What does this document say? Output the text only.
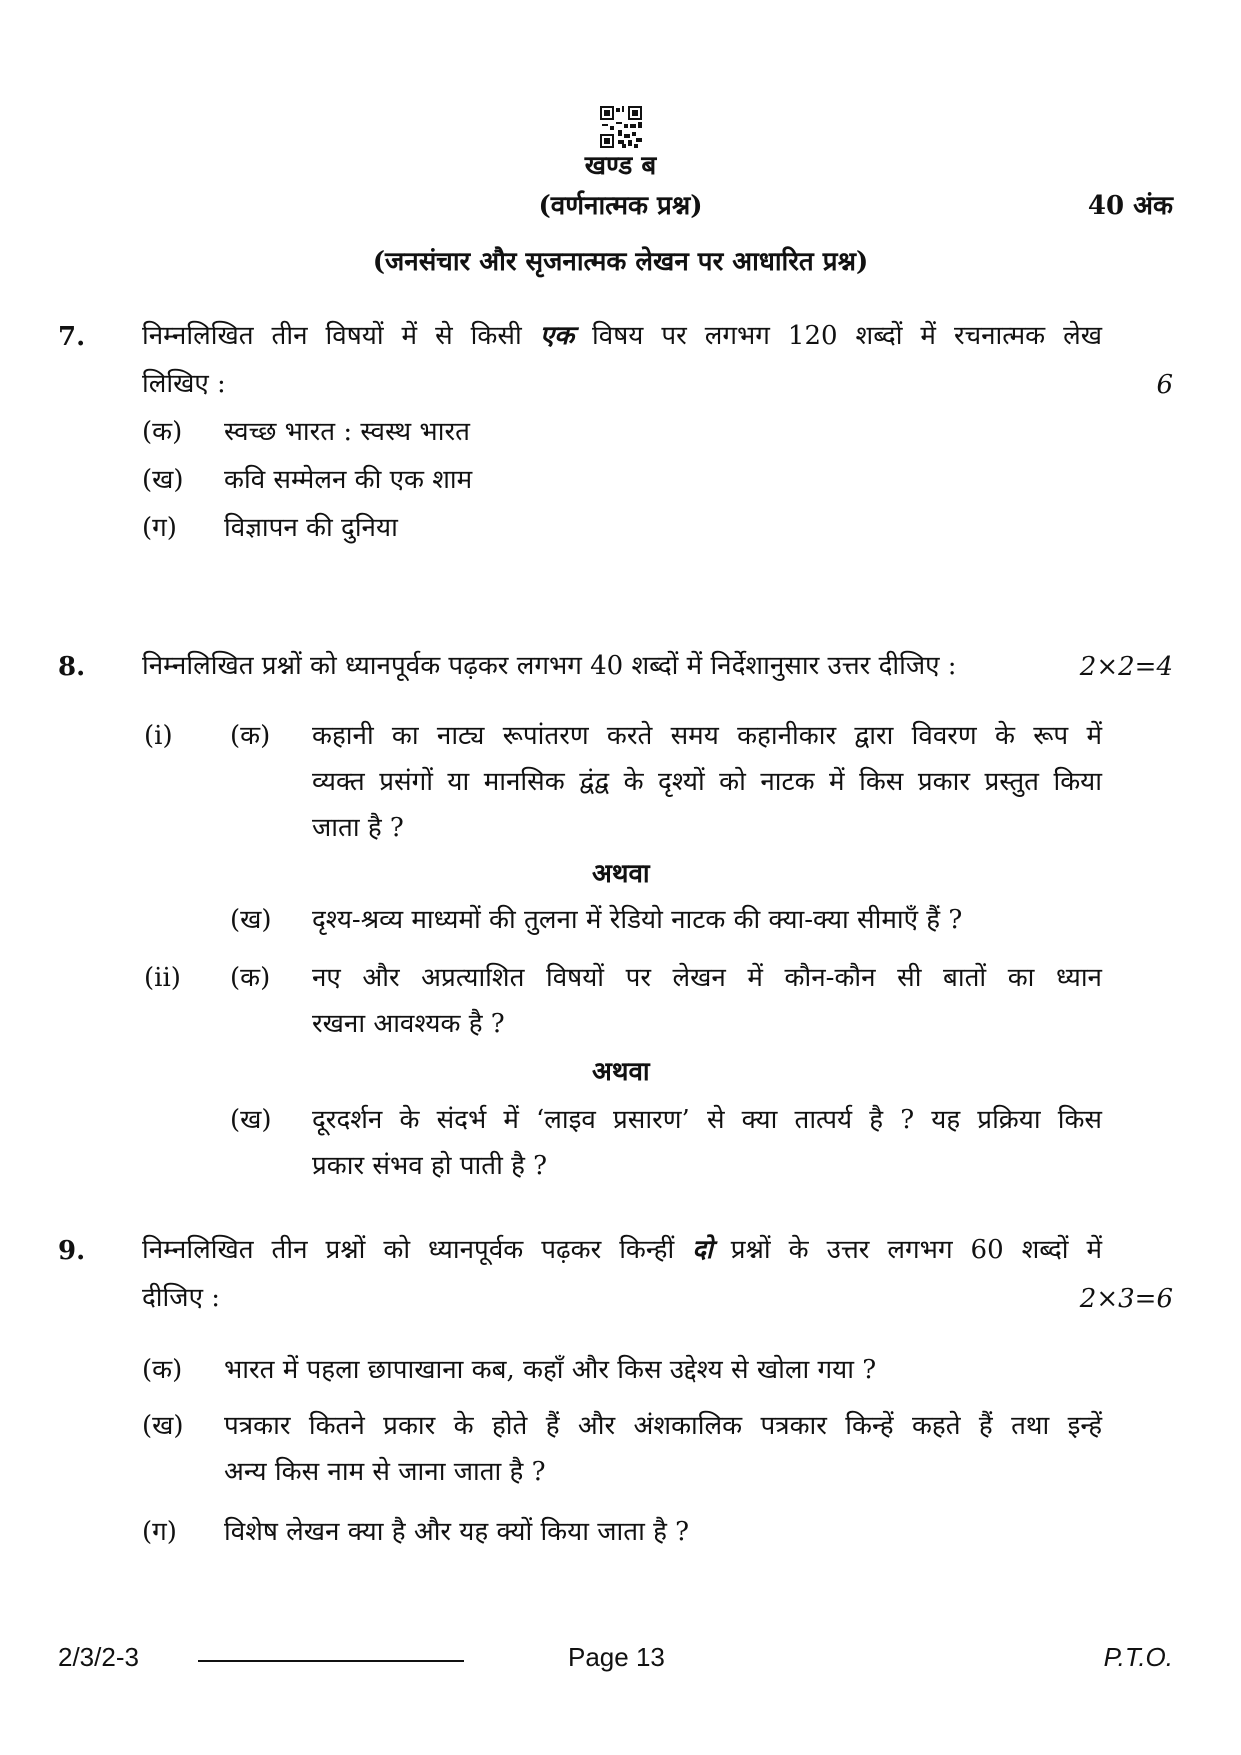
खण्ड ब
(वर्णनात्मक प्रश्न)	40 अंक
(जनसंचार और सृजनात्मक लेखन पर आधारित प्रश्न)
7. निम्नलिखित तीन विषयों में से किसी एक विषय पर लगभग 120 शब्दों में रचनात्मक लेख
लिखिए :	6
(क) स्वच्छ भारत : स्वस्थ भारत
(ख) कवि सम्मेलन की एक शाम
(ग) विज्ञापन की दुनिया
8. निम्नलिखित प्रश्नों को ध्यानपूर्वक पढ़कर लगभग 40 शब्दों में निर्देशानुसार उत्तर दीजिए :	2×2=4
(i) (क) कहानी का नाट्य रूपांतरण करते समय कहानीकार द्वारा विवरण के रूप में
व्यक्त प्रसंगों या मानसिक द्वंद्व के दृश्यों को नाटक में किस प्रकार प्रस्तुत किया
जाता है ?
अथवा
(ख) दृश्य-श्रव्य माध्यमों की तुलना में रेडियो नाटक की क्या-क्या सीमाएँ हैं ?
(ii) (क) नए और अप्रत्याशित विषयों पर लेखन में कौन-कौन सी बातों का ध्यान
रखना आवश्यक है ?
अथवा
(ख) दूरदर्शन के संदर्भ में ‘लाइव प्रसारण’ से क्या तात्पर्य है ? यह प्रक्रिया किस
प्रकार संभव हो पाती है ?
9. निम्नलिखित तीन प्रश्नों को ध्यानपूर्वक पढ़कर किन्हीं दो प्रश्नों के उत्तर लगभग 60 शब्दों में
दीजिए :	2×3=6
(क) भारत में पहला छापाखाना कब, कहाँ और किस उद्देश्य से खोला गया ?
(ख) पत्रकार कितने प्रकार के होते हैं और अंशकालिक पत्रकार किन्हें कहते हैं तथा इन्हें
अन्य किस नाम से जाना जाता है ?
(ग) विशेष लेखन क्या है और यह क्यों किया जाता है ?
2/3/2-3	Page 13	P.T.O.
